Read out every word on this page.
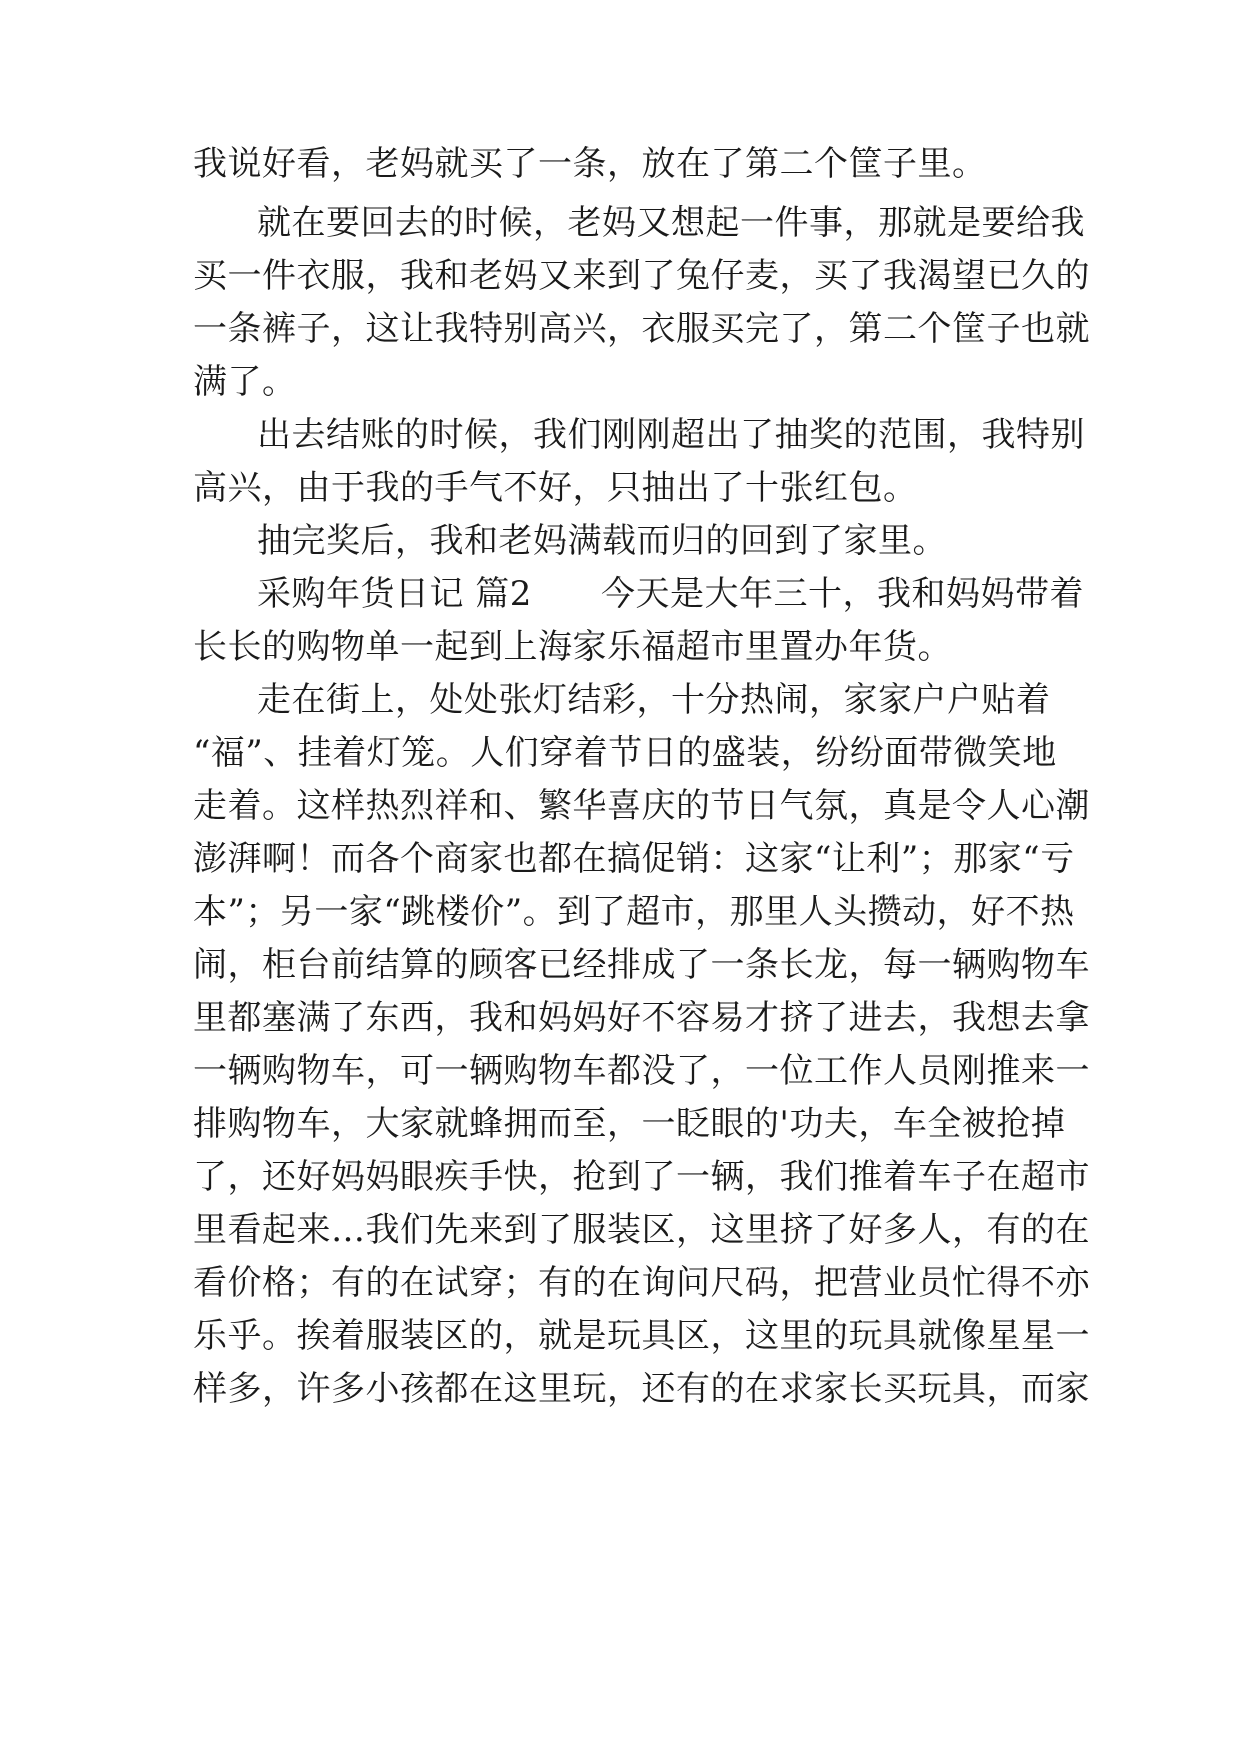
我说好看，老妈就买了一条，放在了第二个筐子里。
就在要回去的时候，老妈又想起一件事，那就是要给我
买一件衣服，我和老妈又来到了兔仔麦，买了我渴望已久的
一条裤子，这让我特别高兴，衣服买完了，第二个筐子也就
满了。
出去结账的时候，我们刚刚超出了抽奖的范围，我特别
高兴，由于我的手气不好，只抽出了十张红包。
抽完奖后，我和老妈满载而归的回到了家里。
采购年货日记 篇2　　今天是大年三十，我和妈妈带着
长长的购物单一起到上海家乐福超市里置办年货。
走在街上，处处张灯结彩，十分热闹，家家户户贴着
“福”、挂着灯笼。人们穿着节日的盛装，纷纷面带微笑地
走着。这样热烈祥和、繁华喜庆的节日气氛，真是令人心潮
澎湃啊！而各个商家也都在搞促销：这家“让利”；那家“亏
本”；另一家“跳楼价”。到了超市，那里人头攒动，好不热
闹，柜台前结算的顾客已经排成了一条长龙，每一辆购物车
里都塞满了东西，我和妈妈好不容易才挤了进去，我想去拿
一辆购物车，可一辆购物车都没了，一位工作人员刚推来一
排购物车，大家就蜂拥而至，一眨眼的'功夫，车全被抢掉
了，还好妈妈眼疾手快，抢到了一辆，我们推着车子在超市
里看起来…我们先来到了服装区，这里挤了好多人，有的在
看价格；有的在试穿；有的在询问尺码，把营业员忙得不亦
乐乎。挨着服装区的，就是玩具区，这里的玩具就像星星一
样多，许多小孩都在这里玩，还有的在求家长买玩具，而家
